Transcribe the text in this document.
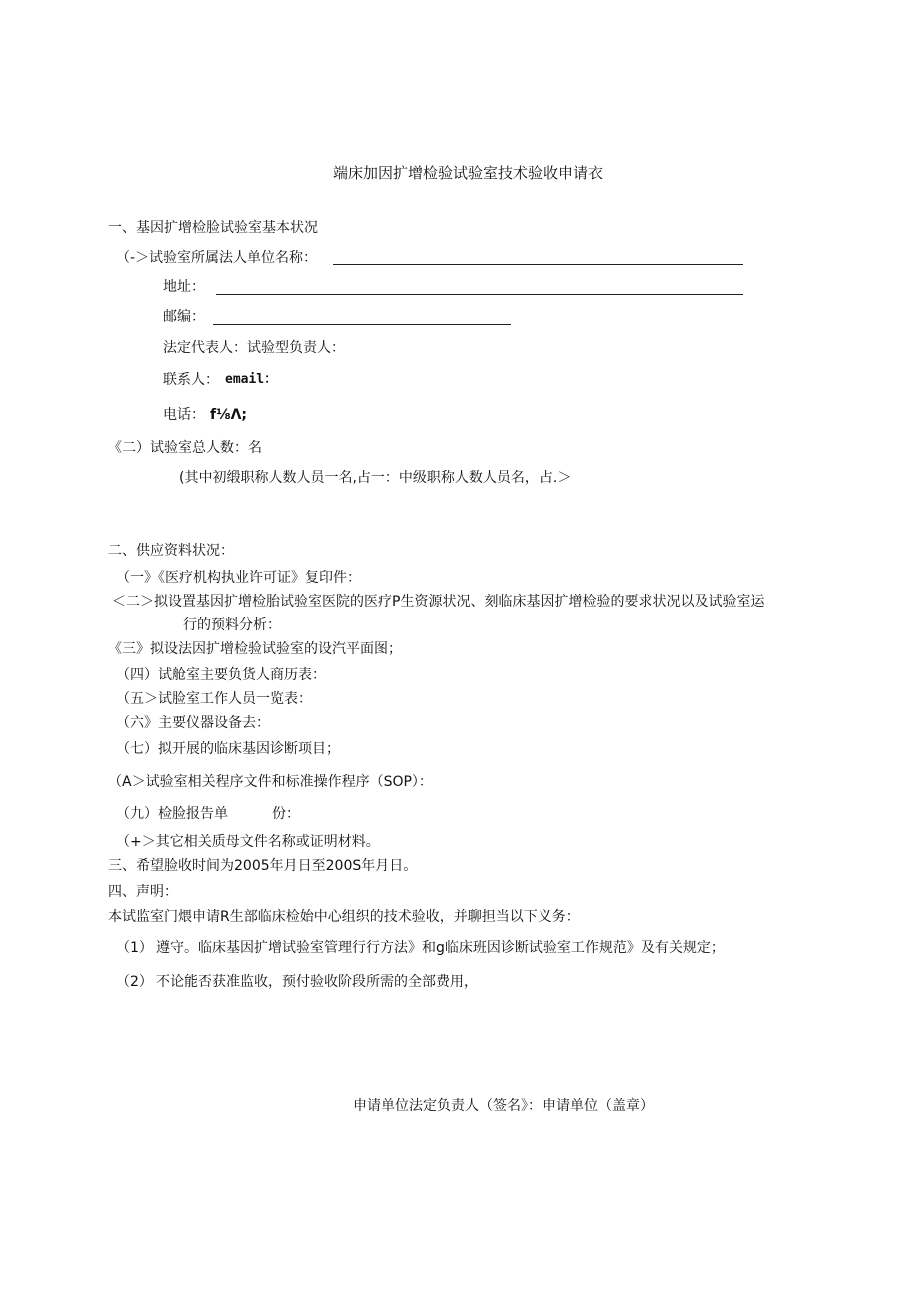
端床加因扩增检验试验室技术验收申请衣
一、基因扩增检脸试验室基本状况
（-＞试验室所属法人单位名称：
地址：
邮编：
法定代表人：试验型负责人：
联系人： email：
电话： f⅛Λ;
《二）试验室总人数：名
(其中初缎职称人数人员一名,占一：中级职称人数人员名，占.＞
二、供应资料状况：
（一》《医疗机构执业许可证》复印件：
＜二＞拟设置基因扩增检胎试验室医院的医疗P生资源状况、刻临床基因扩增检验的要求状况以及试验室运
行的预料分析：
《三》拟设法因扩增检验试验室的设汽平面图；
（四）试舱室主要负货人商历表：
（五＞试脸室工作人员一览表：
（六》主要仪器设备去：
（七）拟开展的临床基因诊断项目；
（A＞试验室相关程序文件和标准操作程序（SOP）：
（九）检脸报告单	份：
（+＞其它相关质母文件名称或证明材料。
三、希望脸收时间为2005年月日至200S年月日。
四、声明：
本试监室门煨申请R生部临床检始中心组织的技术验收，并聊担当以下义务：
（1） 遵守。临床基因扩增试验室管理行行方法》和g临床班因诊断试验室工作规范》及有关规定；
（2） 不论能否获准监收，预付验收阶段所需的全部费用，
申请单位法定负责人（签名》：申请单位（盖章）
